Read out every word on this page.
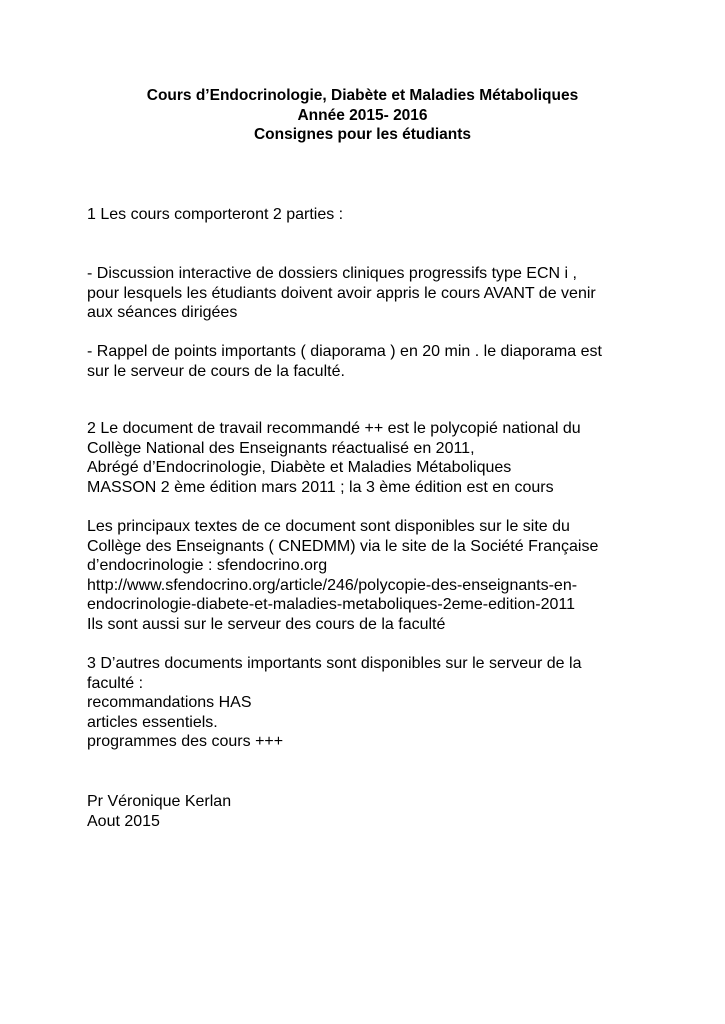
Cours d’Endocrinologie, Diabète et Maladies Métaboliques
Année 2015- 2016
Consignes pour les étudiants
1 Les cours comporteront 2 parties :
- Discussion interactive de dossiers cliniques progressifs type ECN i ,
pour lesquels les étudiants doivent avoir appris le cours AVANT de venir
aux séances dirigées
- Rappel de points importants ( diaporama ) en 20 min . le diaporama est
sur le serveur de cours de la faculté.
2 Le document de travail recommandé ++ est le polycopié national du
Collège National des Enseignants réactualisé en 2011,
Abrégé d’Endocrinologie, Diabète et Maladies Métaboliques
MASSON 2 ème édition mars 2011 ; la 3 ème édition est en cours
Les principaux textes de ce document sont disponibles sur le site du
Collège des Enseignants ( CNEDMM) via le site de la Société Française
d’endocrinologie : sfendocrino.org
http://www.sfendocrino.org/article/246/polycopie-des-enseignants-en-
endocrinologie-diabete-et-maladies-metaboliques-2eme-edition-2011
Ils sont aussi sur le serveur des cours de la faculté
3 D’autres documents importants sont disponibles sur le serveur de la
faculté :
recommandations HAS
articles essentiels.
programmes des cours +++
Pr Véronique Kerlan
Aout 2015
